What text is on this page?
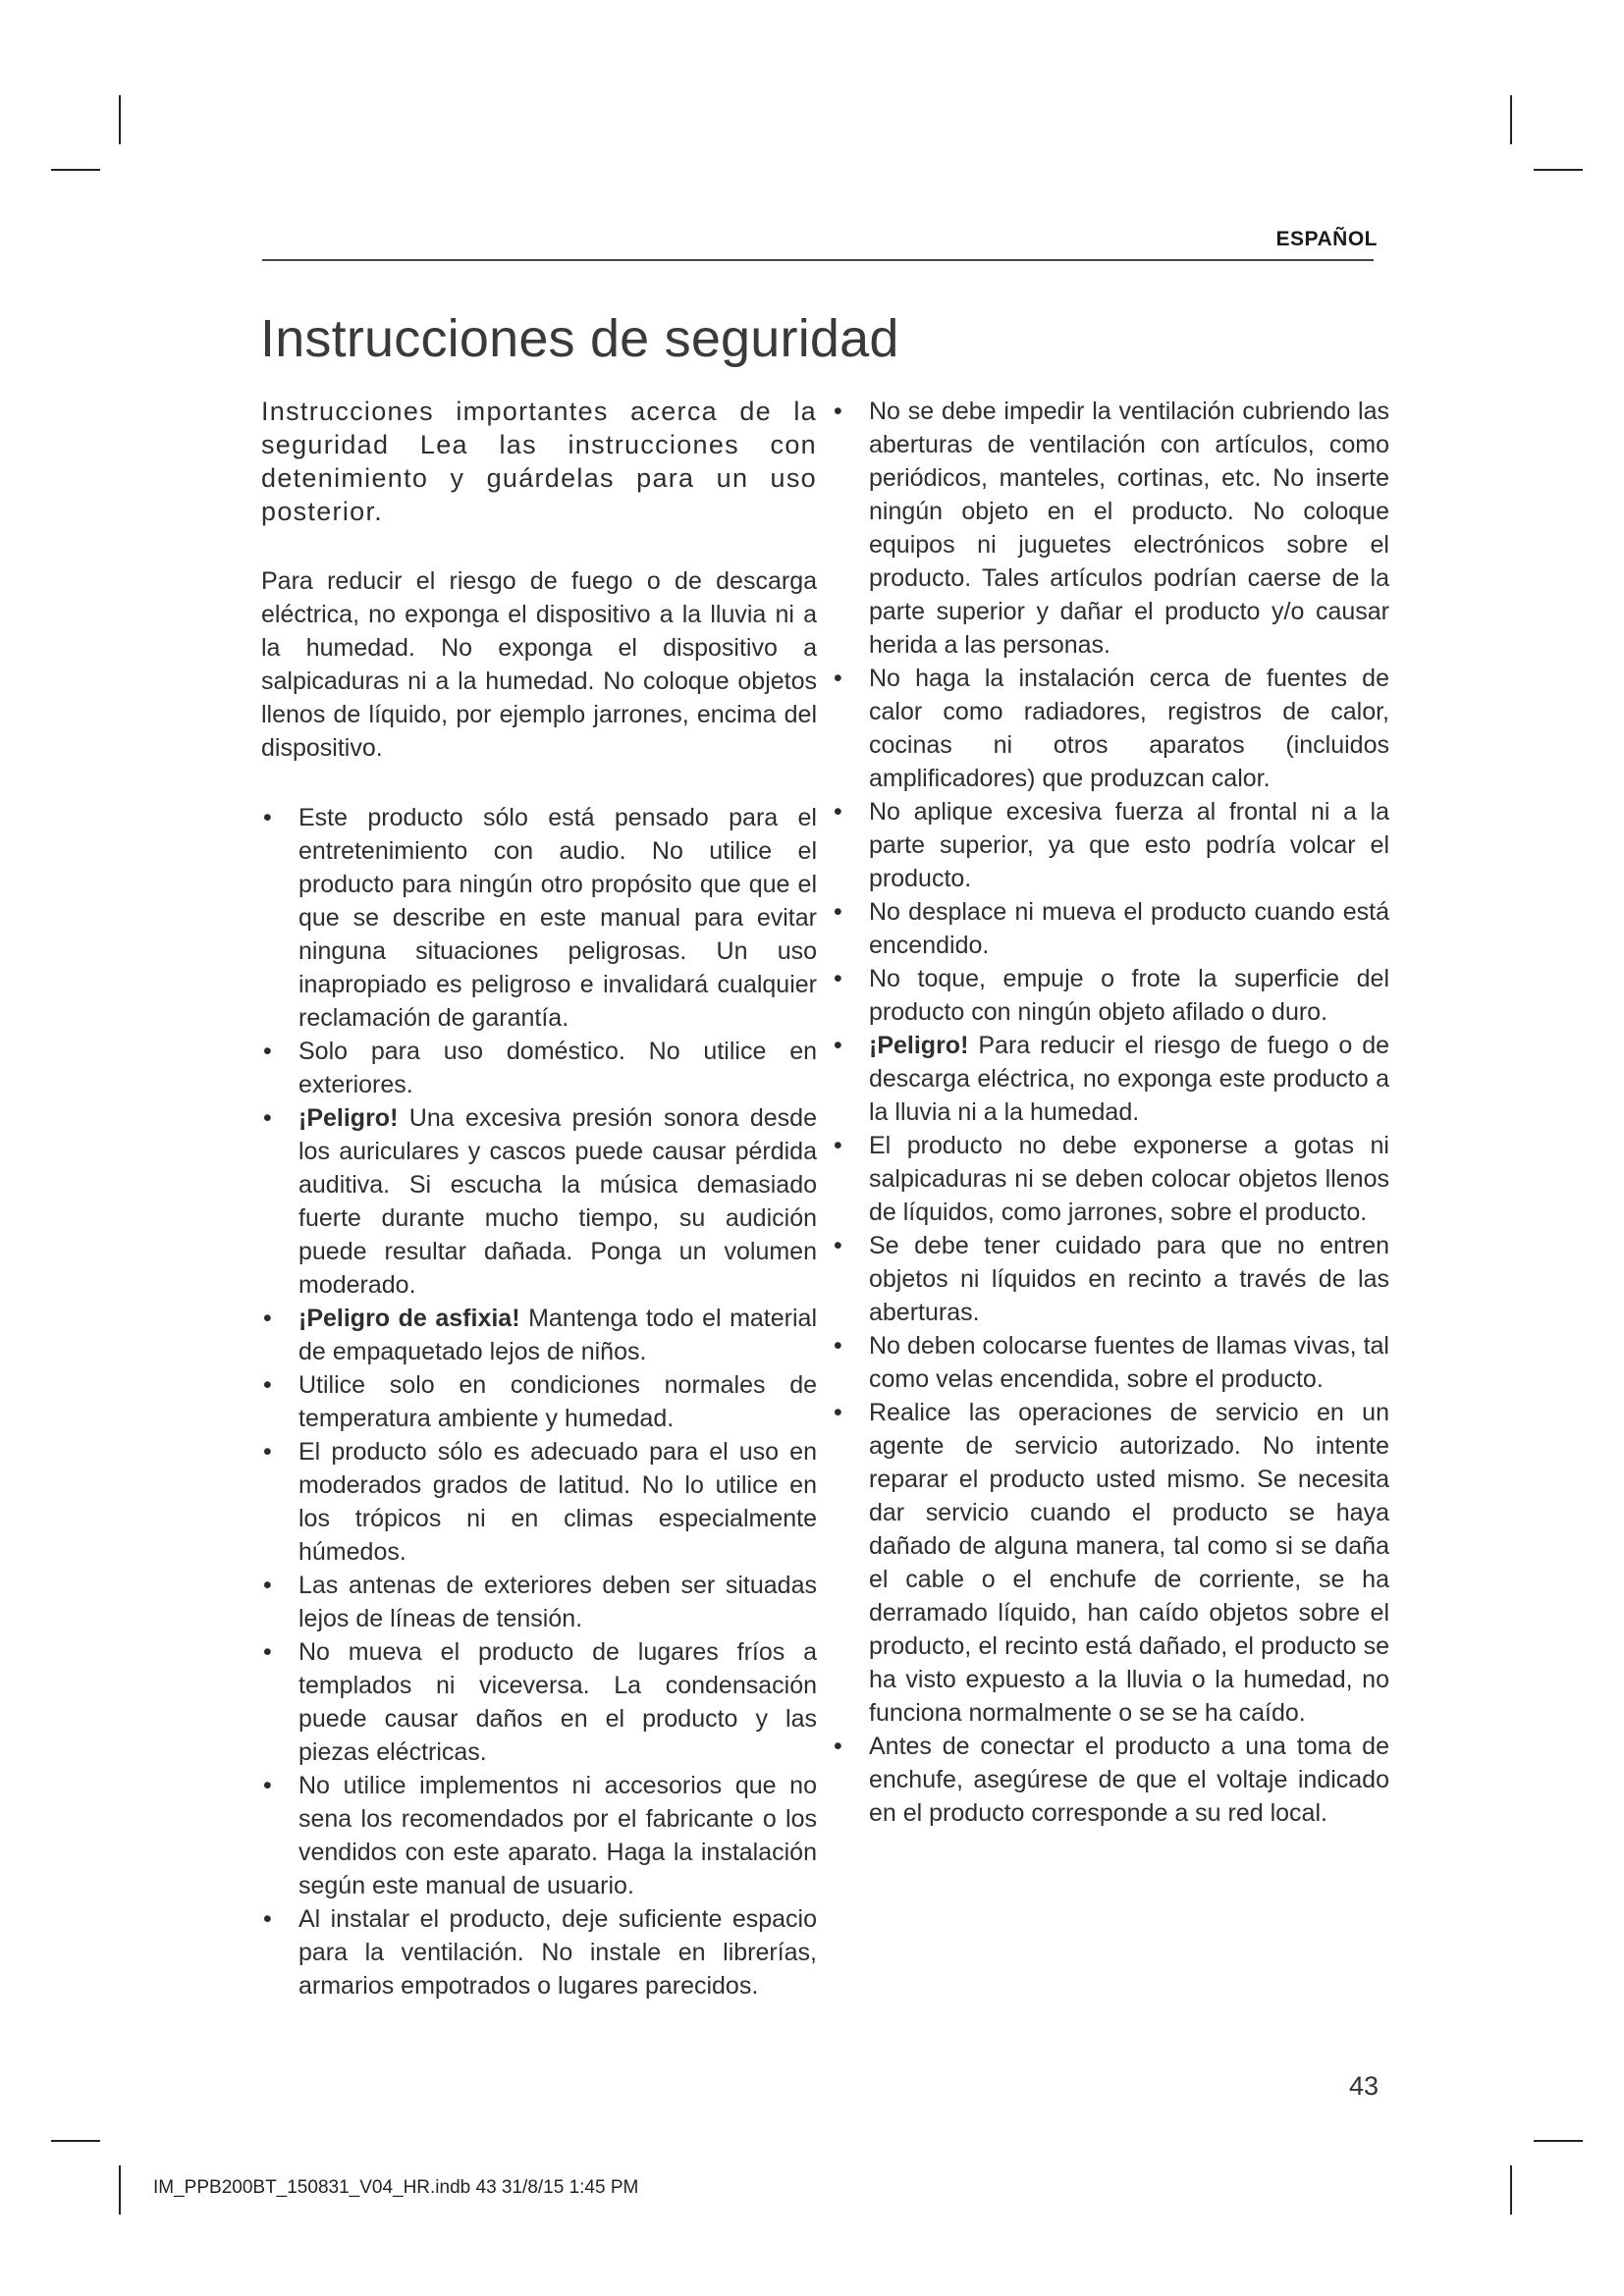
ESPAÑOL
Instrucciones de seguridad

Instrucciones importantes acerca de la seguridad Lea las instrucciones con detenimiento y guárdelas para un uso posterior.

Para reducir el riesgo de fuego o de descarga eléctrica, no exponga el dispositivo a la lluvia ni a la humedad. No exponga el dispositivo a salpicaduras ni a la humedad. No coloque objetos llenos de líquido, por ejemplo jarrones, encima del dispositivo.

• Este producto sólo está pensado para el entretenimiento con audio. No utilice el producto para ningún otro propósito que que el que se describe en este manual para evitar ninguna situaciones peligrosas. Un uso inapropiado es peligroso e invalidará cualquier reclamación de garantía.
• Solo para uso doméstico. No utilice en exteriores.
• ¡Peligro! Una excesiva presión sonora desde los auriculares y cascos puede causar pérdida auditiva. Si escucha la música demasiado fuerte durante mucho tiempo, su audición puede resultar dañada. Ponga un volumen moderado.
• ¡Peligro de asfixia! Mantenga todo el material de empaquetado lejos de niños.
• Utilice solo en condiciones normales de temperatura ambiente y humedad.
• El producto sólo es adecuado para el uso en moderados grados de latitud. No lo utilice en los trópicos ni en climas especialmente húmedos.
• Las antenas de exteriores deben ser situadas lejos de líneas de tensión.
• No mueva el producto de lugares fríos a templados ni viceversa. La condensación puede causar daños en el producto y las piezas eléctricas.
• No utilice implementos ni accesorios que no sena los recomendados por el fabricante o los vendidos con este aparato. Haga la instalación según este manual de usuario.
• Al instalar el producto, deje suficiente espacio para la ventilación. No instale en librerías, armarios empotrados o lugares parecidos.
• No se debe impedir la ventilación cubriendo las aberturas de ventilación con artículos, como periódicos, manteles, cortinas, etc. No inserte ningún objeto en el producto. No coloque equipos ni juguetes electrónicos sobre el producto. Tales artículos podrían caerse de la parte superior y dañar el producto y/o causar herida a las personas.
• No haga la instalación cerca de fuentes de calor como radiadores, registros de calor, cocinas ni otros aparatos (incluidos amplificadores) que produzcan calor.
• No aplique excesiva fuerza al frontal ni a la parte superior, ya que esto podría volcar el producto.
• No desplace ni mueva el producto cuando está encendido.
• No toque, empuje o frote la superficie del producto con ningún objeto afilado o duro.
• ¡Peligro! Para reducir el riesgo de fuego o de descarga eléctrica, no exponga este producto a la lluvia ni a la humedad.
• El producto no debe exponerse a gotas ni salpicaduras ni se deben colocar objetos llenos de líquidos, como jarrones, sobre el producto.
• Se debe tener cuidado para que no entren objetos ni líquidos en recinto a través de las aberturas.
• No deben colocarse fuentes de llamas vivas, tal como velas encendida, sobre el producto.
• Realice las operaciones de servicio en un agente de servicio autorizado. No intente reparar el producto usted mismo. Se necesita dar servicio cuando el producto se haya dañado de alguna manera, tal como si se daña el cable o el enchufe de corriente, se ha derramado líquido, han caído objetos sobre el producto, el recinto está dañado, el producto se ha visto expuesto a la lluvia o la humedad, no funciona normalmente o se se ha caído.
• Antes de conectar el producto a una toma de enchufe, asegúrese de que el voltaje indicado en el producto corresponde a su red local.
43
IM_PPB200BT_150831_V04_HR.indb 43 31/8/15 1:45 PM
